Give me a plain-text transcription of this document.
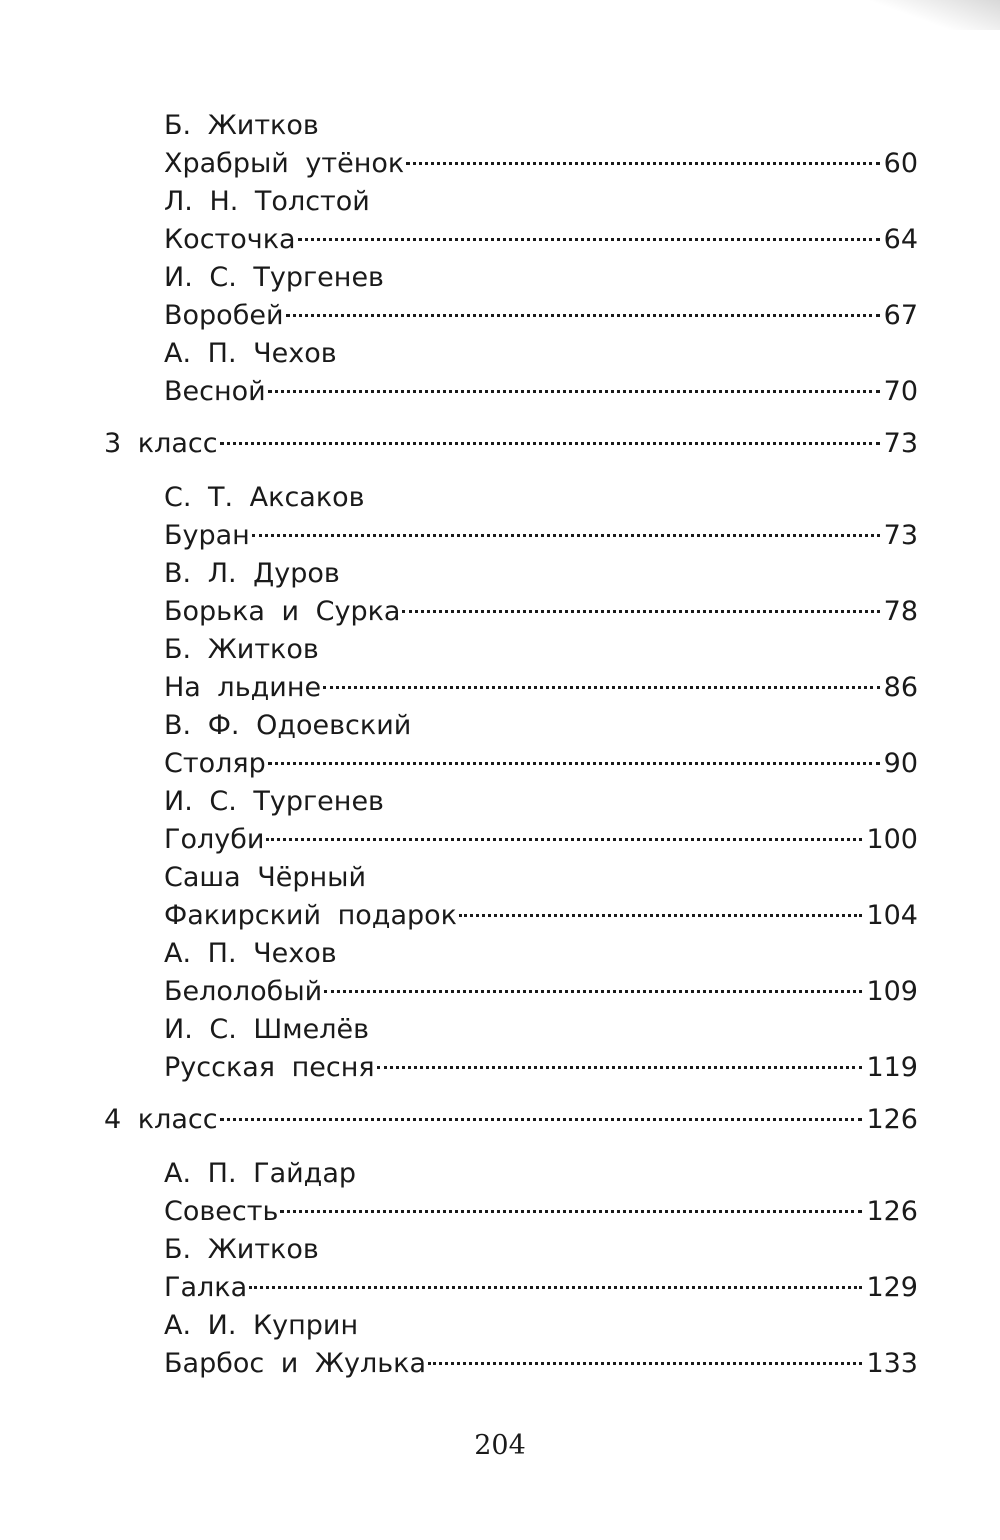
Б. Житков
Храбрый утёнок	60
Л. Н. Толстой
Косточка	64
И. С. Тургенев
Воробей	67
А. П. Чехов
Весной	70
3 класс	73
С. Т. Аксаков
Буран	73
В. Л. Дуров
Борька и Сурка	78
Б. Житков
На льдине	86
В. Ф. Одоевский
Столяр	90
И. С. Тургенев
Голуби	100
Саша Чёрный
Факирский подарок	104
А. П. Чехов
Белолобый	109
И. С. Шмелёв
Русская песня	119
4 класс	126
А. П. Гайдар
Совесть	126
Б. Житков
Галка	129
А. И. Куприн
Барбос и Жулька	133
204
